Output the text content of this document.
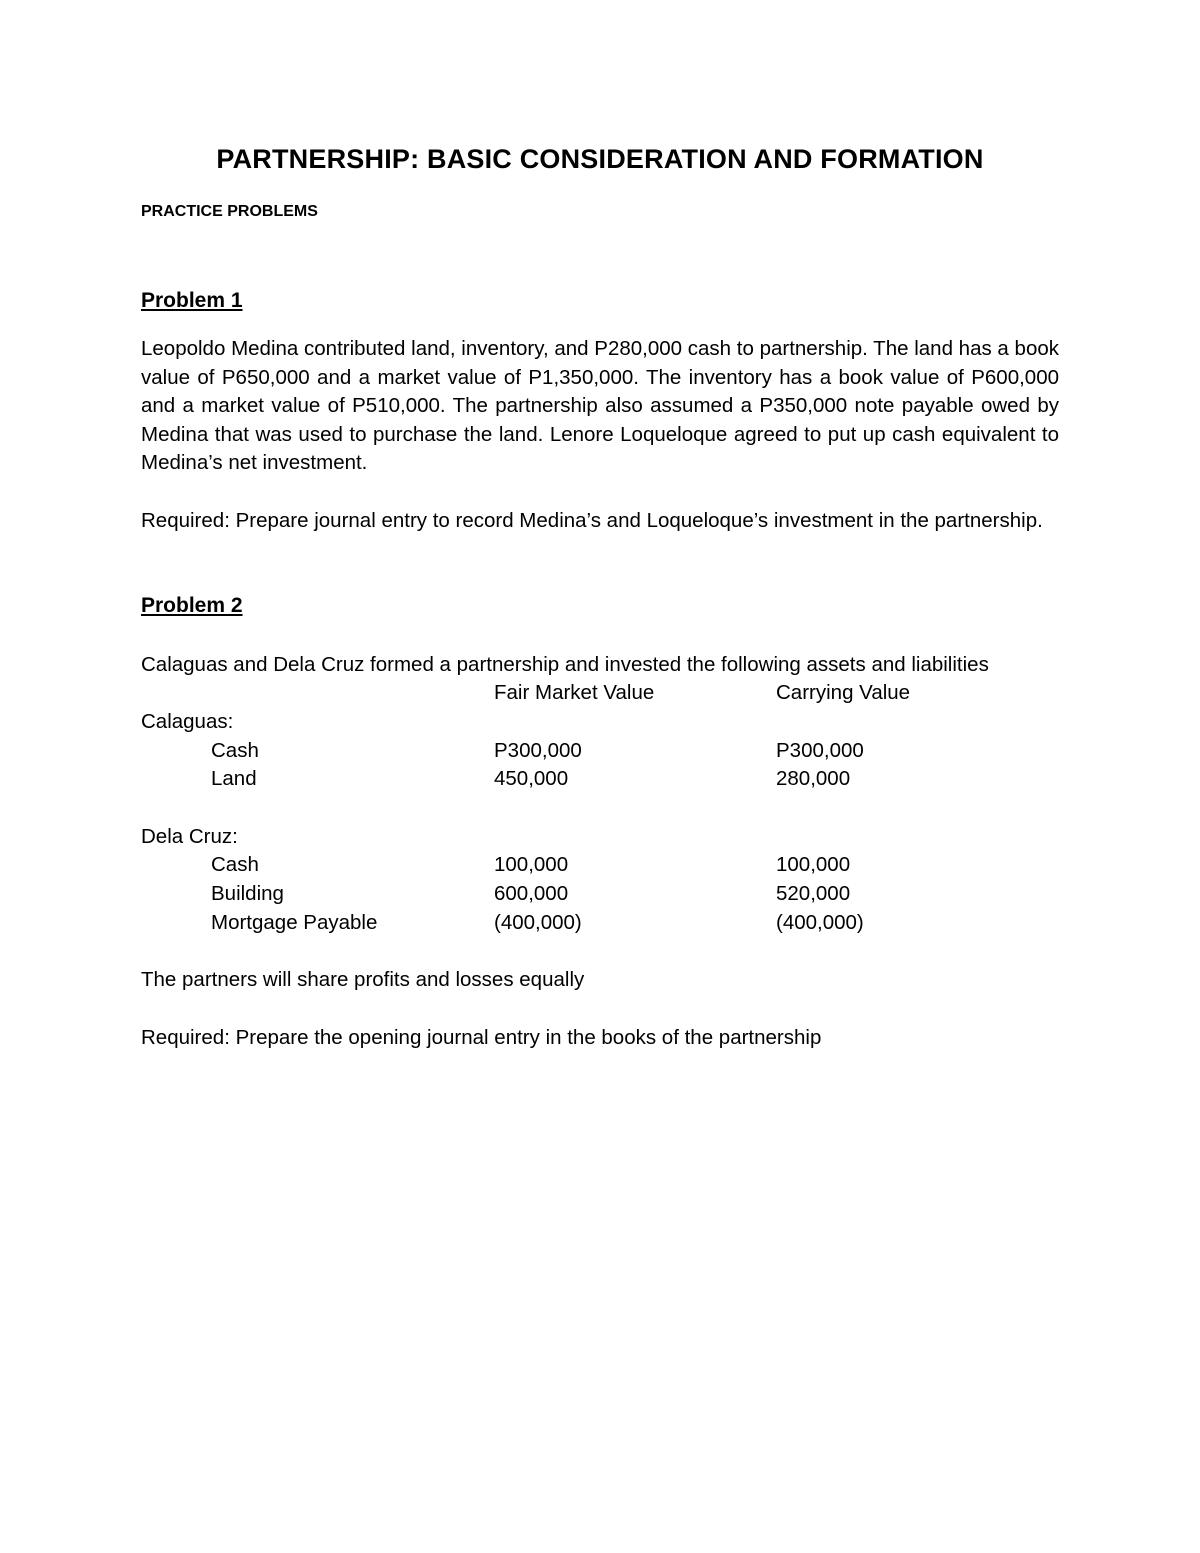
PARTNERSHIP: BASIC CONSIDERATION AND FORMATION
PRACTICE PROBLEMS
Problem 1
Leopoldo Medina contributed land, inventory, and P280,000 cash to partnership. The land has a book value of P650,000 and a market value of P1,350,000. The inventory has a book value of P600,000 and a market value of P510,000. The partnership also assumed a P350,000 note payable owed by Medina that was used to purchase the land. Lenore Loqueloque agreed to put up cash equivalent to Medina’s net investment.
Required: Prepare journal entry to record Medina’s and Loqueloque’s investment in the partnership.
Problem 2
Calaguas and Dela Cruz formed a partnership and invested the following assets and liabilities
Fair Market Value	Carrying Value
Calaguas:
Cash	P300,000	P300,000
Land	450,000	280,000
Dela Cruz:
Cash	100,000	100,000
Building	600,000	520,000
Mortgage Payable	(400,000)	(400,000)
The partners will share profits and losses equally
Required: Prepare the opening journal entry in the books of the partnership
